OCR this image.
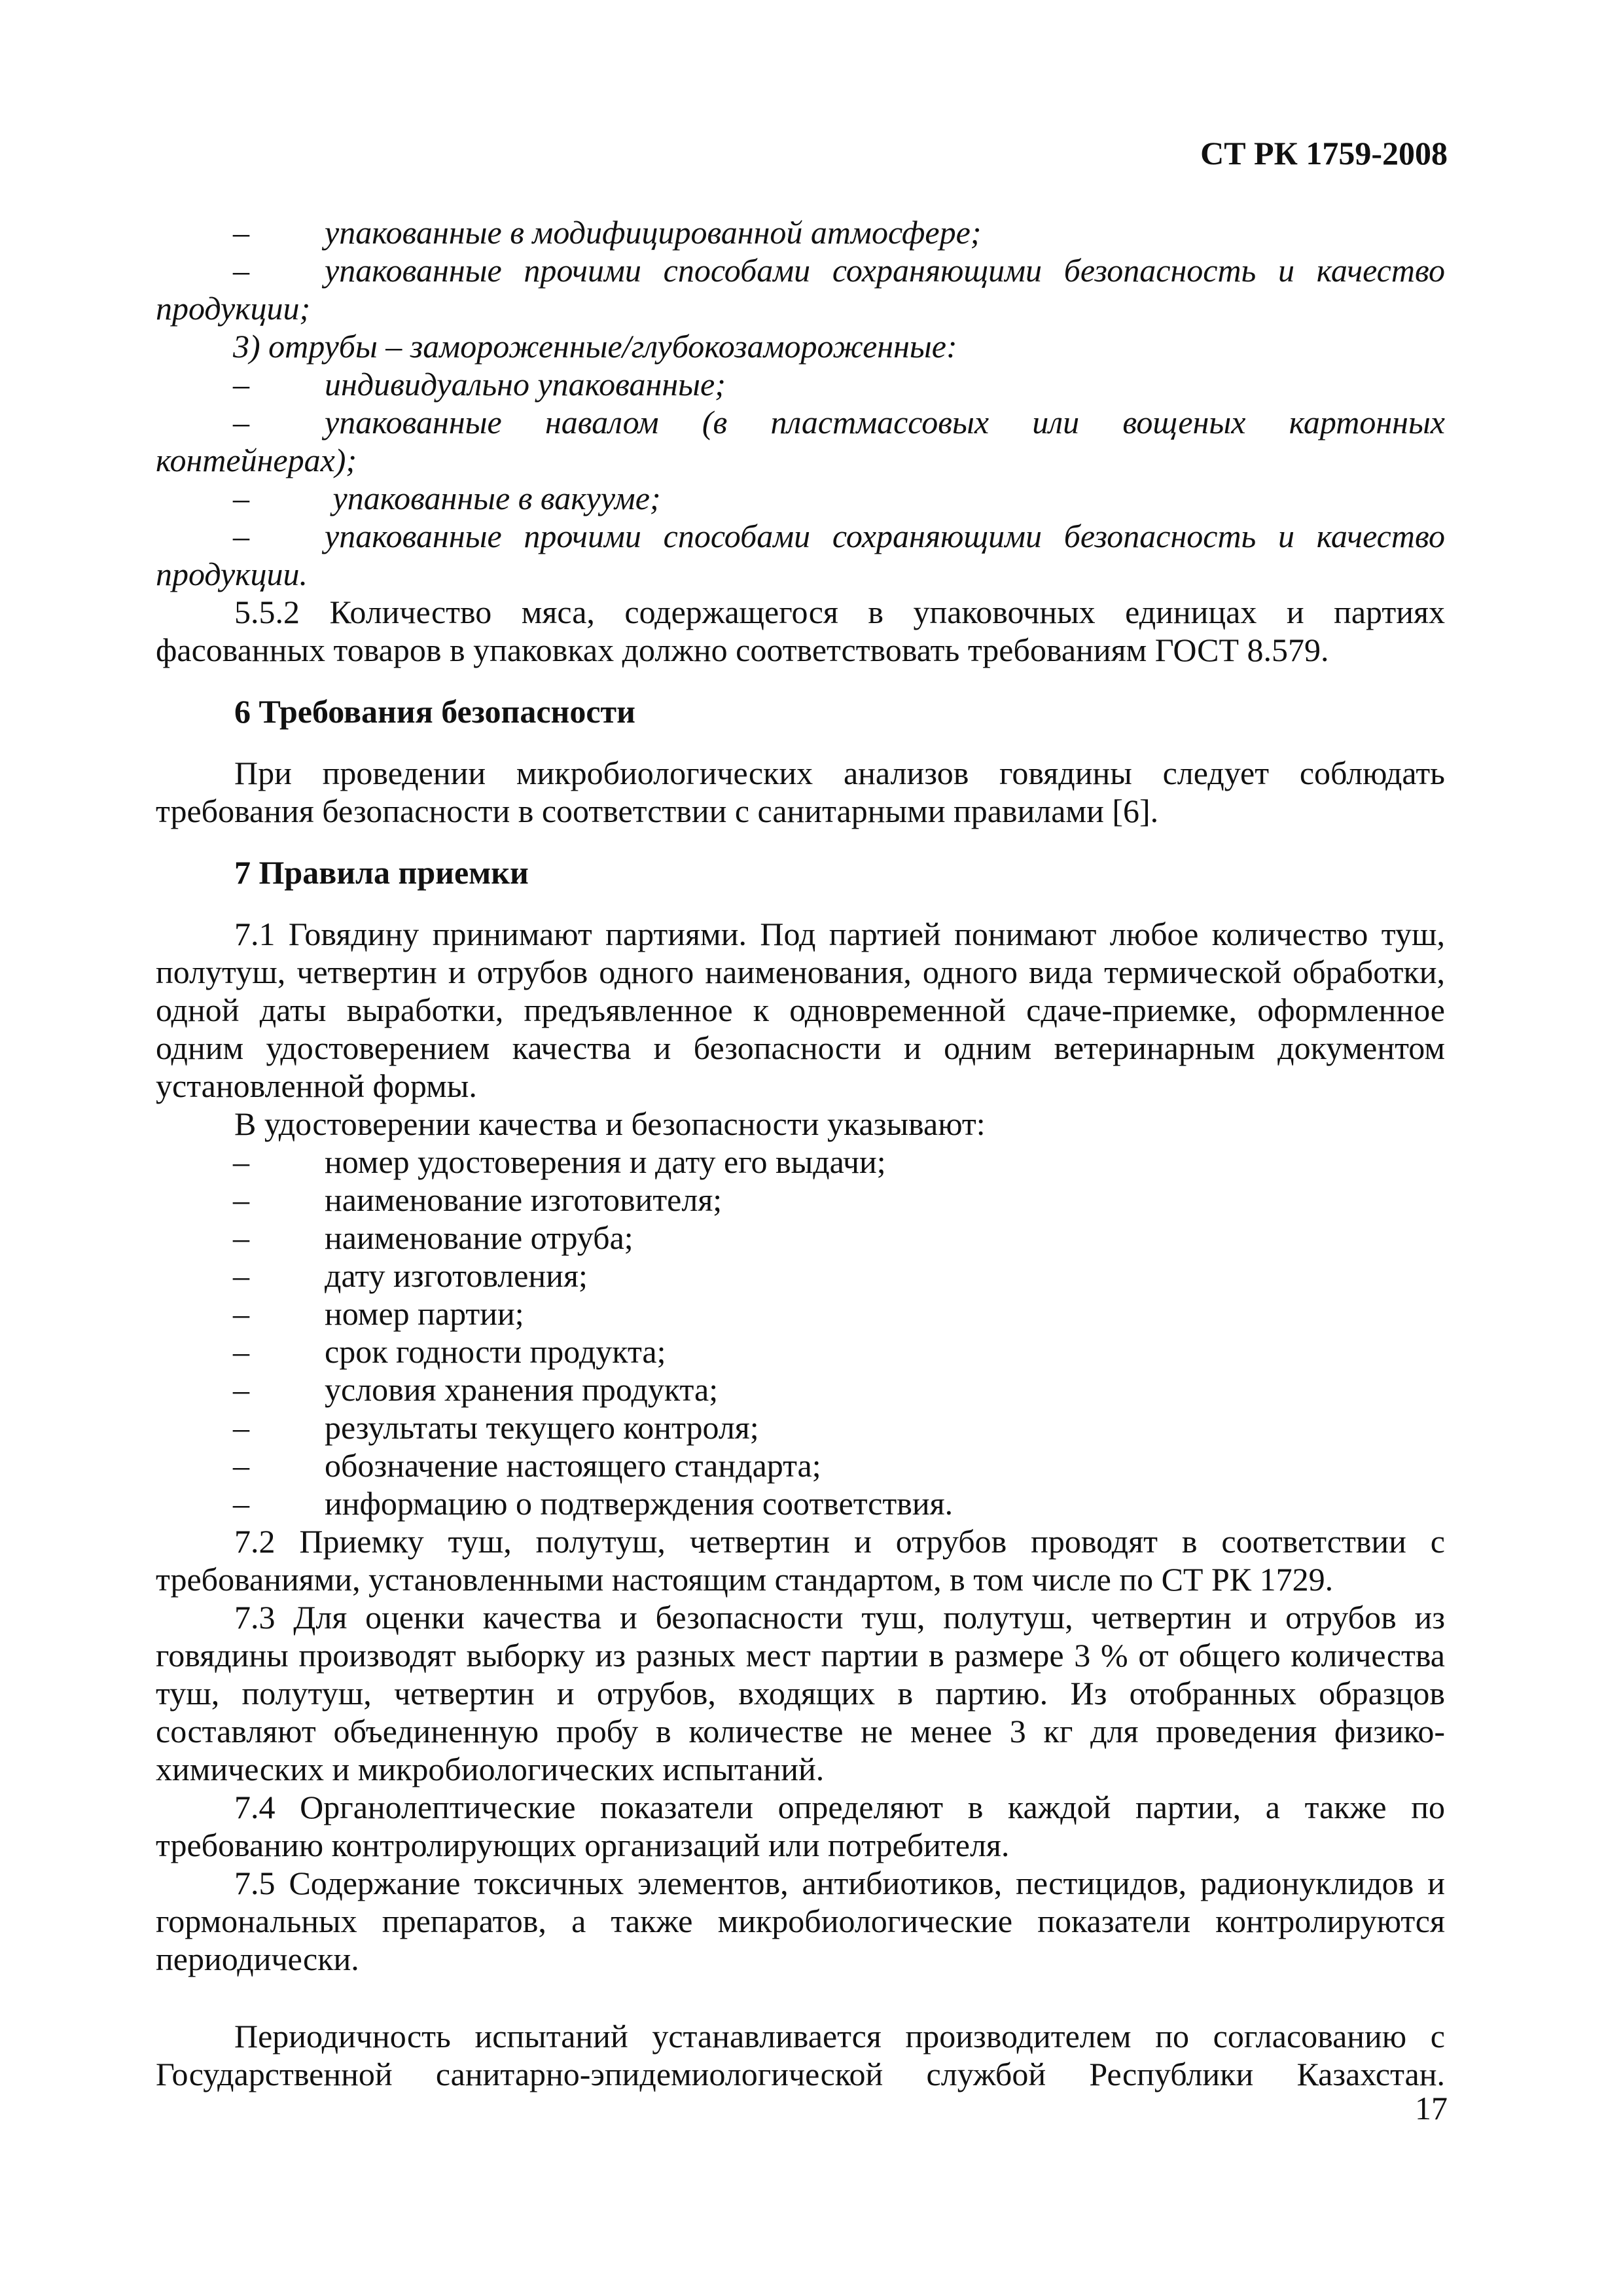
СТ РК 1759-2008
– упакованные в модифицированной атмосфере;
– упакованные прочими способами сохраняющими безопасность и качество
продукции;
3) отрубы – замороженные/глубокозамороженные:
– индивидуально упакованные;
– упакованные навалом (в пластмассовых или вощеных картонных
контейнерах);
– упакованные в вакууме;
– упакованные прочими способами сохраняющими безопасность и качество
продукции.
5.5.2 Количество мяса, содержащегося в упаковочных единицах и партиях фасованных товаров в упаковках должно соответствовать требованиям ГОСТ 8.579.
6 Требования безопасности
При проведении микробиологических анализов говядины следует соблюдать требования безопасности в соответствии с санитарными правилами [6].
7 Правила приемки
7.1 Говядину принимают партиями. Под партией понимают любое количество туш, полутуш, четвертин и отрубов одного наименования, одного вида термической обработки, одной даты выработки, предъявленное к одновременной сдаче-приемке, оформленное одним удостоверением качества и безопасности и одним ветеринарным документом установленной формы.
В удостоверении качества и безопасности указывают:
– номер удостоверения и дату его выдачи;
– наименование изготовителя;
– наименование отруба;
– дату изготовления;
– номер партии;
– срок годности продукта;
– условия хранения продукта;
– результаты текущего контроля;
– обозначение настоящего стандарта;
– информацию о подтверждения соответствия.
7.2 Приемку туш, полутуш, четвертин и отрубов проводят в соответствии с требованиями, установленными настоящим стандартом, в том числе по СТ РК 1729.
7.3 Для оценки качества и безопасности туш, полутуш, четвертин и отрубов из говядины производят выборку из разных мест партии в размере 3 % от общего количества туш, полутуш, четвертин и отрубов, входящих в партию. Из отобранных образцов составляют объединенную пробу в количестве не менее 3 кг для проведения физико-химических и микробиологических испытаний.
7.4 Органолептические показатели определяют в каждой партии, а также по требованию контролирующих организаций или потребителя.
7.5 Содержание токсичных элементов, антибиотиков, пестицидов, радионуклидов и гормональных препаратов, а также микробиологические показатели контролируются периодически.
Периодичность испытаний устанавливается производителем по согласованию с Государственной санитарно-эпидемиологической службой Республики Казахстан.
17
